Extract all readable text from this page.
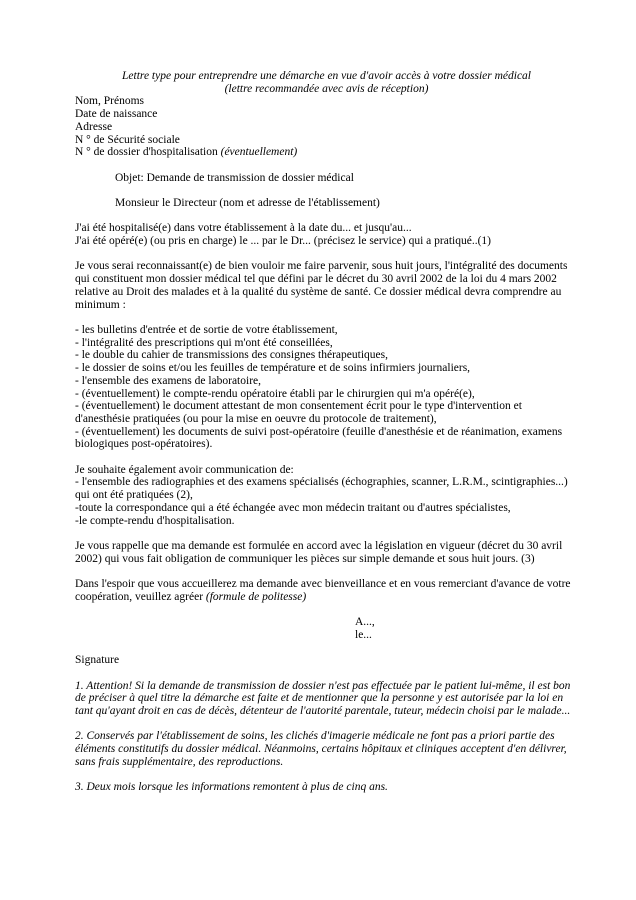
Lettre type pour entreprendre une démarche en vue d'avoir accès à votre dossier médical
(lettre recommandée avec avis de réception)
Nom, Prénoms
Date de naissance
Adresse
N ° de Sécurité sociale
N ° de dossier d'hospitalisation (éventuellement)
Objet: Demande de transmission de dossier médical
Monsieur le Directeur (nom et adresse de l'établissement)
J'ai été hospitalisé(e) dans votre établissement à la date du... et jusqu'au...
J'ai été opéré(e) (ou pris en charge) le ... par le Dr... (précisez le service) qui a pratiqué..(1)
Je vous serai reconnaissant(e) de bien vouloir me faire parvenir, sous huit jours, l'intégralité des documents qui constituent mon dossier médical tel que défini par le décret du 30 avril 2002 de la loi du 4 mars 2002 relative au Droit des malades et à la qualité du système de santé. Ce dossier médical devra comprendre au minimum :
- les bulletins d'entrée et de sortie de votre établissement,
- l'intégralité des prescriptions qui m'ont été conseillées,
- le double du cahier de transmissions des consignes thérapeutiques,
- le dossier de soins et/ou les feuilles de température et de soins infirmiers journaliers,
- l'ensemble des examens de laboratoire,
- (éventuellement) le compte-rendu opératoire établi par le chirurgien qui m'a opéré(e),
- (éventuellement) le document attestant de mon consentement écrit pour le type d'intervention et d'anesthésie pratiquées (ou pour la mise en oeuvre du protocole de traitement),
- (éventuellement) les documents de suivi post-opératoire (feuille d'anesthésie et de réanimation, examens biologiques post-opératoires).
Je souhaite également avoir communication de:
- l'ensemble des radiographies et des examens spécialisés (échographies, scanner, L.R.M., scintigraphies...) qui ont été pratiquées (2),
-toute la correspondance qui a été échangée avec mon médecin traitant ou d'autres spécialistes,
-le compte-rendu d'hospitalisation.
Je vous rappelle que ma demande est formulée en accord avec la législation en vigueur (décret du 30 avril 2002) qui vous fait obligation de communiquer les pièces sur simple demande et sous huit jours. (3)
Dans l'espoir que vous accueillerez ma demande avec bienveillance et en vous remerciant d'avance de votre coopération, veuillez agréer (formule de politesse)
A...,
le...
Signature
1. Attention! Si la demande de transmission de dossier n'est pas effectuée par le patient lui-même, il est bon de préciser à quel titre la démarche est faite et de mentionner que la personne y est autorisée par la loi en tant qu'ayant droit en cas de décès, détenteur de l'autorité parentale, tuteur, médecin choisi par le malade...
2. Conservés par l'établissement de soins, les clichés d'imagerie médicale ne font pas a priori partie des éléments constitutifs du dossier médical. Néanmoins, certains hôpitaux et cliniques acceptent d'en délivrer, sans frais supplémentaire, des reproductions.
3. Deux mois lorsque les informations remontent à plus de cinq ans.
